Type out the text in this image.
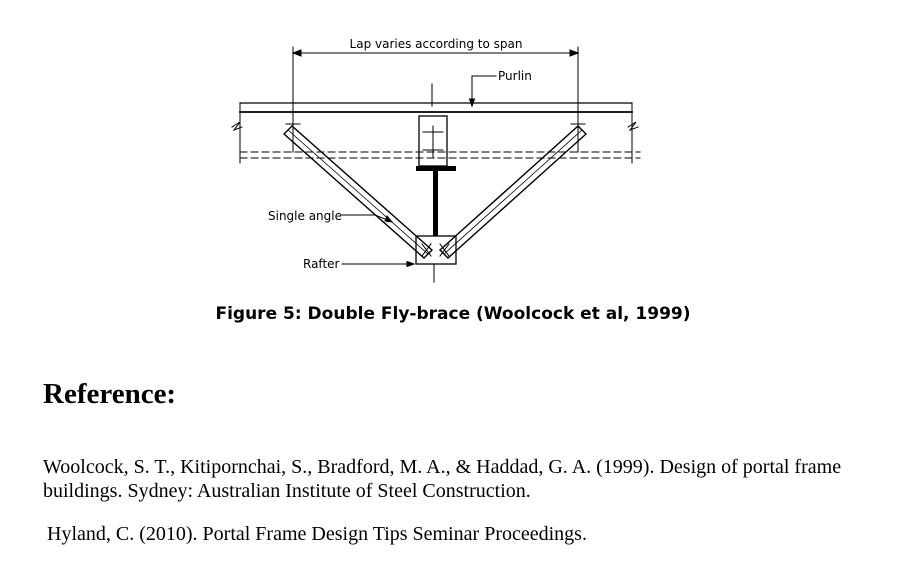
Lap varies according to span
Purlin
Single angle
Rafter
Figure 5: Double Fly-brace (Woolcock et al, 1999)
Reference:

Woolcock, S. T., Kitipornchai, S., Bradford, M. A., & Haddad, G. A. (1999). Design of portal frame buildings. Sydney: Australian Institute of Steel Construction.

Hyland, C. (2010). Portal Frame Design Tips Seminar Proceedings.
